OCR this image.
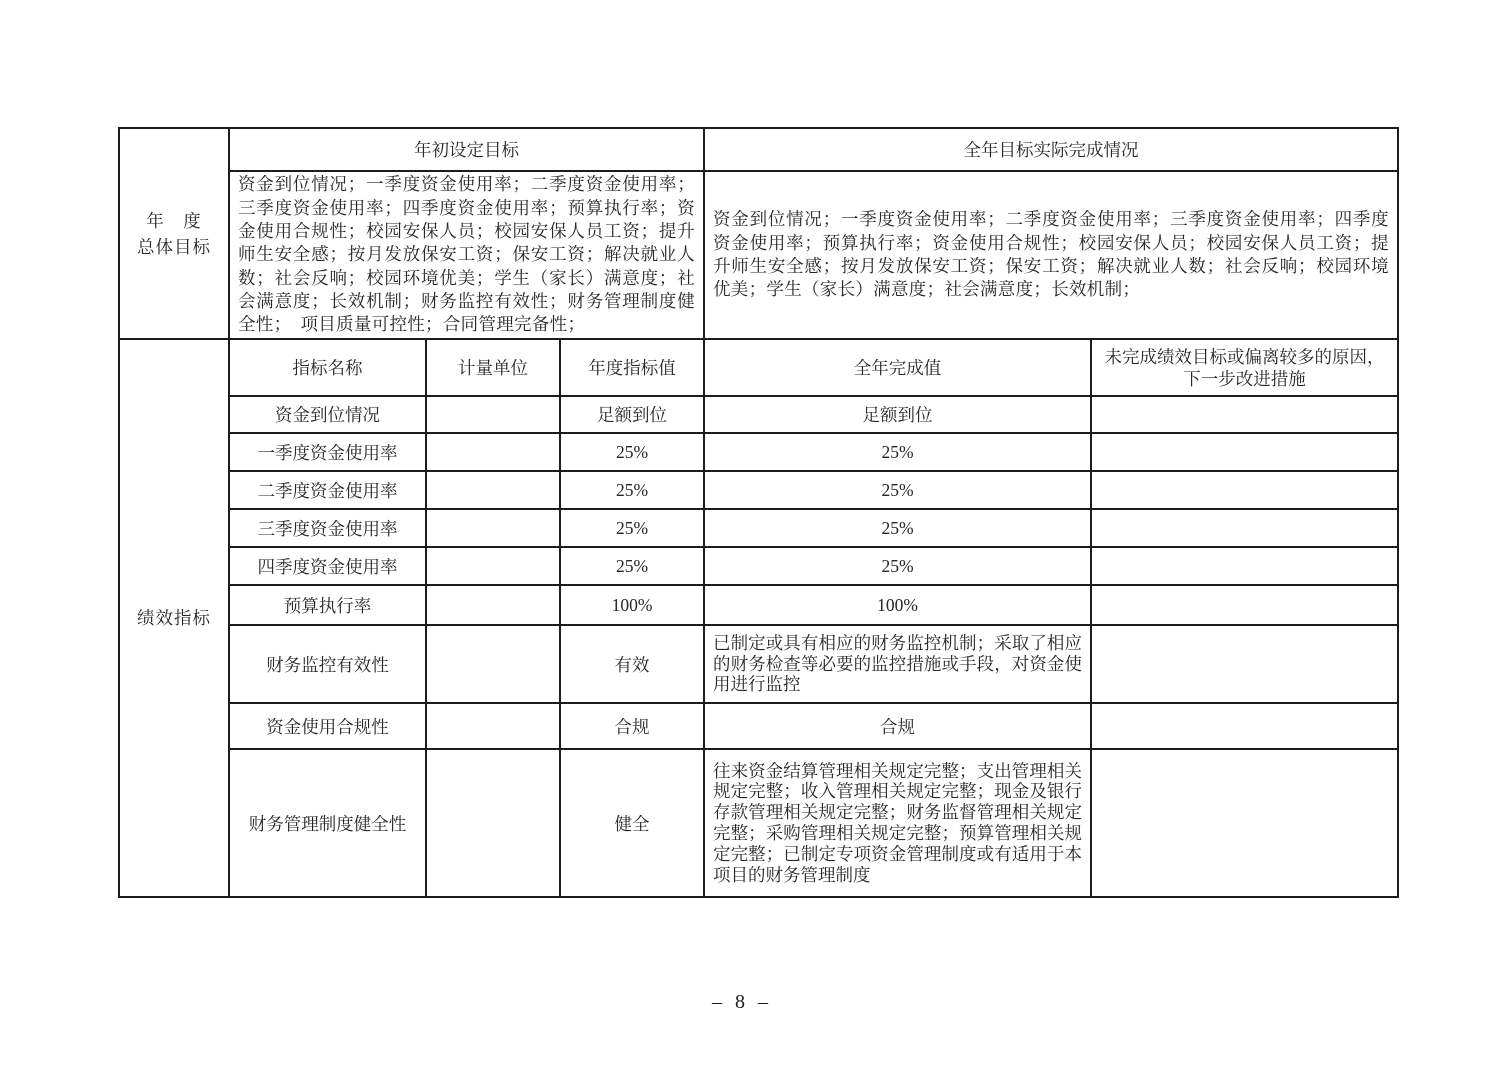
年　度
总体目标	年初设定目标			全年目标实际完成情况	
	资金到位情况；一季度资金使用率；二季度资金使用率；三季度资金使用率；四季度资金使用率；预算执行率；资金使用合规性；校园安保人员；校园安保人员工资；提升师生安全感；按月发放保安工资；保安工资；解决就业人数；社会反响；校园环境优美；学生（家长）满意度；社会满意度；长效机制；财务监控有效性；财务管理制度健全性；　项目质量可控性；合同管理完备性；			资金到位情况；一季度资金使用率；二季度资金使用率；三季度资金使用率；四季度资金使用率；预算执行率；资金使用合规性；校园安保人员；校园安保人员工资；提升师生安全感；按月发放保安工资；保安工资；解决就业人数；社会反响；校园环境优美；学生（家长）满意度；社会满意度；长效机制；	
绩效指标	指标名称	计量单位	年度指标值	全年完成值	未完成绩效目标或偏离较多的原因，下一步改进措施
	资金到位情况		足额到位	足额到位	
	一季度资金使用率		25%	25%	
	二季度资金使用率		25%	25%	
	三季度资金使用率		25%	25%	
	四季度资金使用率		25%	25%	
	预算执行率		100%	100%	
	财务监控有效性		有效	已制定或具有相应的财务监控机制；采取了相应的财务检查等必要的监控措施或手段，对资金使用进行监控	
	资金使用合规性		合规	合规	
	财务管理制度健全性		健全	往来资金结算管理相关规定完整；支出管理相关规定完整；收入管理相关规定完整；现金及银行存款管理相关规定完整；财务监督管理相关规定完整；采购管理相关规定完整；预算管理相关规定完整；已制定专项资金管理制度或有适用于本项目的财务管理制度	
– 8 –
